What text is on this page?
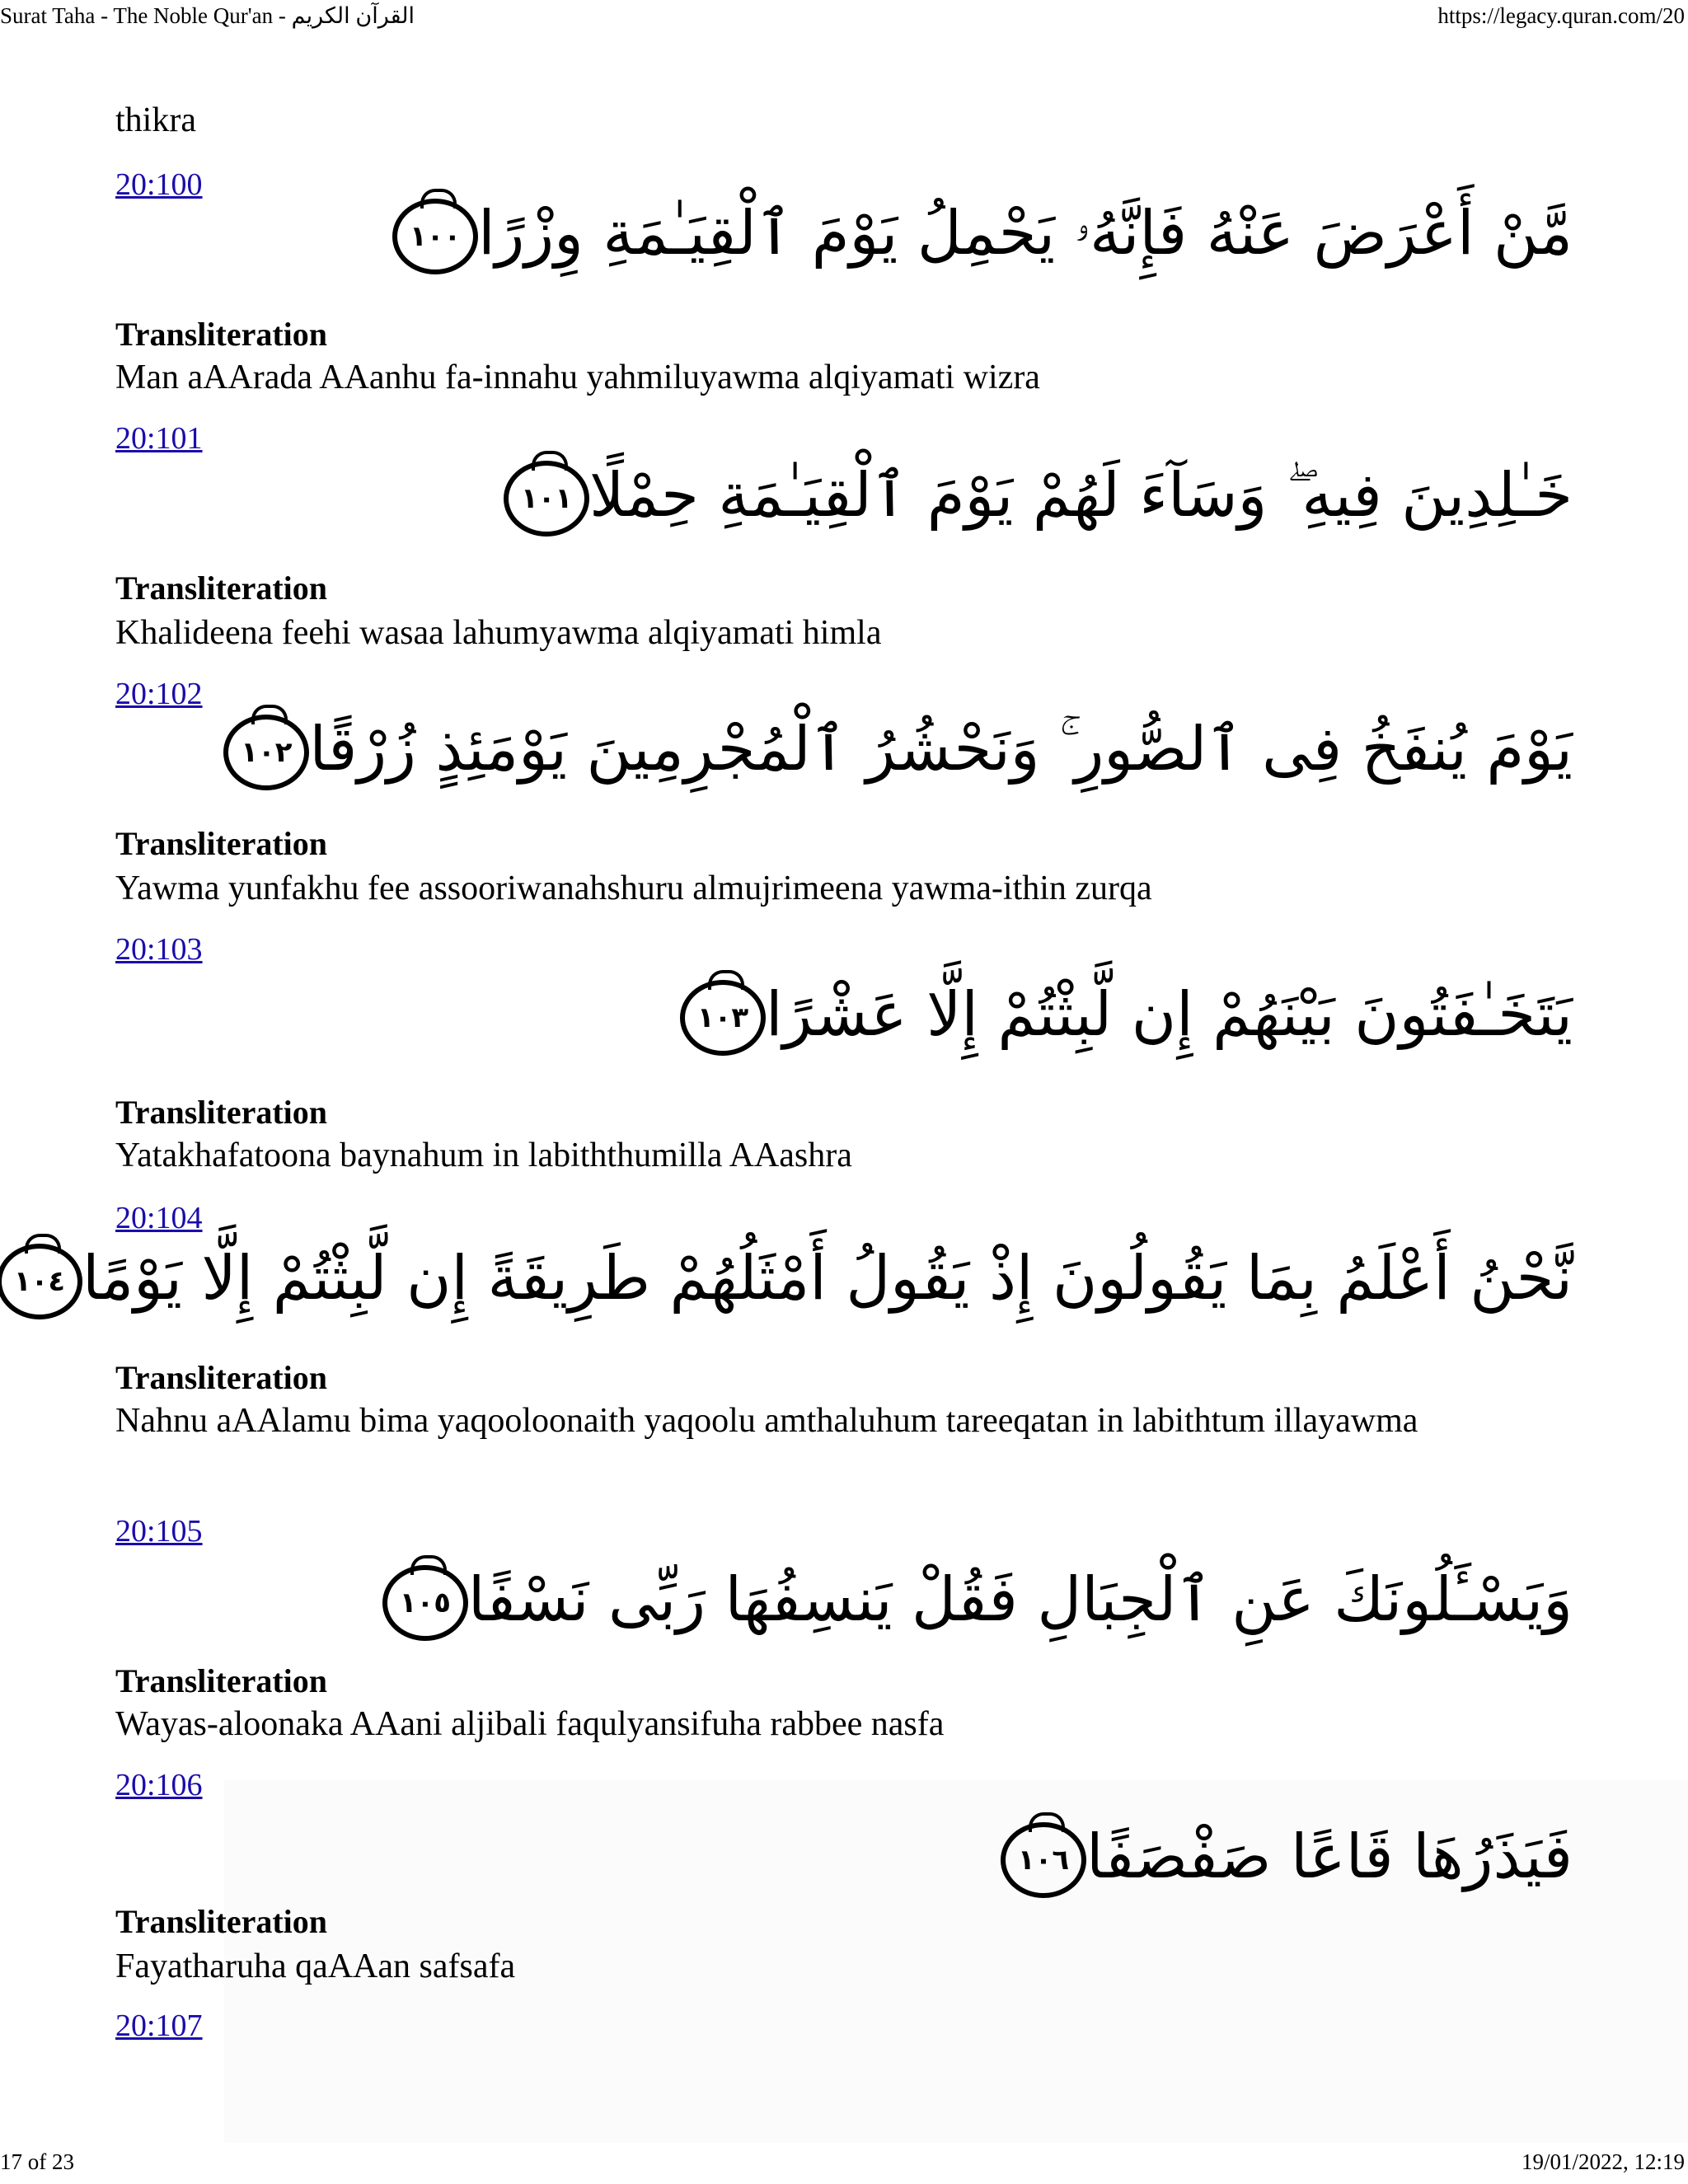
Surat Taha - The Noble Qur'an - القرآن الكريم	https://legacy.quran.com/20
thikra
20:100
مَّنْ أَعْرَضَ عَنْهُ فَإِنَّهُۥ يَحْمِلُ يَوْمَ ٱلْقِيَـٰمَةِ وِزْرًا١٠٠
Transliteration
Man aAArada AAanhu fa-innahu yahmiluyawma alqiyamati wizra
20:101
خَـٰلِدِينَ فِيهِ ۖ وَسَآءَ لَهُمْ يَوْمَ ٱلْقِيَـٰمَةِ حِمْلًا١٠١
Transliteration
Khalideena feehi wasaa lahumyawma alqiyamati himla
20:102
يَوْمَ يُنفَخُ فِى ٱلصُّورِ ۚ وَنَحْشُرُ ٱلْمُجْرِمِينَ يَوْمَئِذٍ زُرْقًا١٠٢
Transliteration
Yawma yunfakhu fee assooriwanahshuru almujrimeena yawma-ithin zurqa
20:103
يَتَخَـٰفَتُونَ بَيْنَهُمْ إِن لَّبِثْتُمْ إِلَّا عَشْرًا١٠٣
Transliteration
Yatakhafatoona baynahum in labiththumilla AAashra
20:104
نَّحْنُ أَعْلَمُ بِمَا يَقُولُونَ إِذْ يَقُولُ أَمْثَلُهُمْ طَرِيقَةً إِن لَّبِثْتُمْ إِلَّا يَوْمًا١٠٤
Transliteration
Nahnu aAAlamu bima yaqooloonaith yaqoolu amthaluhum tareeqatan in labithtum illayawma
20:105
وَيَسْـَٔلُونَكَ عَنِ ٱلْجِبَالِ فَقُلْ يَنسِفُهَا رَبِّى نَسْفًا١٠٥
Transliteration
Wayas-aloonaka AAani aljibali faqulyansifuha rabbee nasfa
20:106
فَيَذَرُهَا قَاعًا صَفْصَفًا١٠٦
Transliteration
Fayatharuha qaAAan safsafa
20:107
17 of 23	19/01/2022, 12:19
